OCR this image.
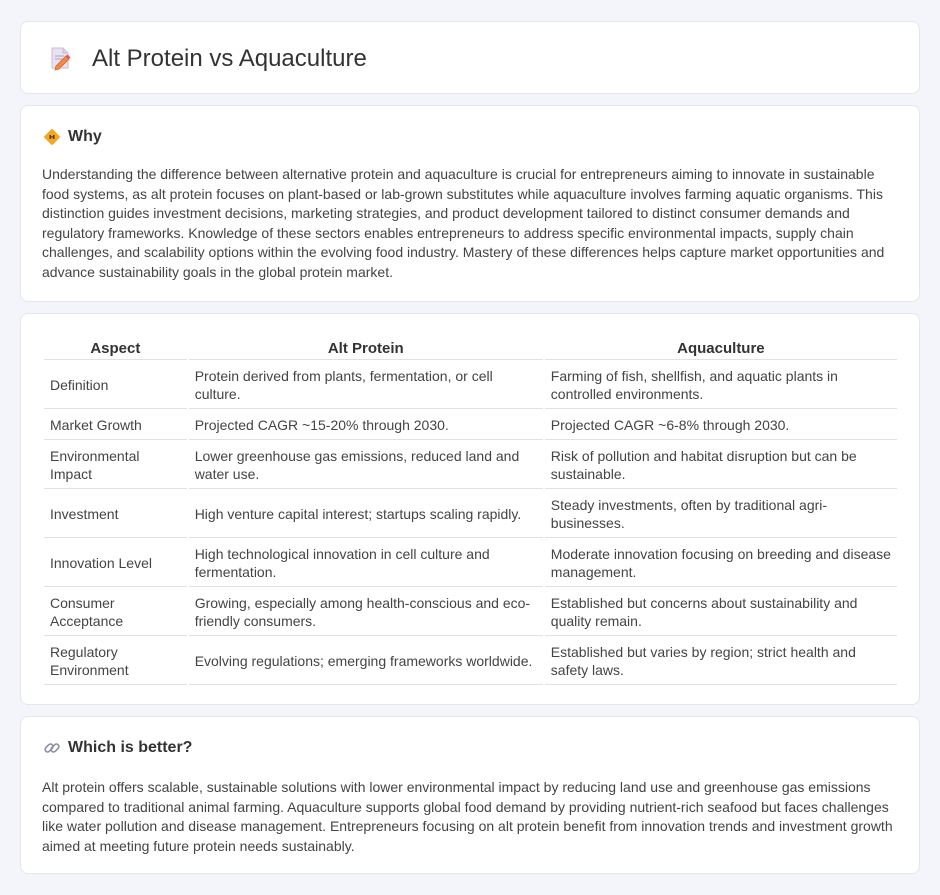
Alt Protein vs Aquaculture
Why

Understanding the difference between alternative protein and aquaculture is crucial for entrepreneurs aiming to innovate in sustainable food systems, as alt protein focuses on plant-based or lab-grown substitutes while aquaculture involves farming aquatic organisms. This distinction guides investment decisions, marketing strategies, and product development tailored to distinct consumer demands and regulatory frameworks. Knowledge of these sectors enables entrepreneurs to address specific environmental impacts, supply chain challenges, and scalability options within the evolving food industry. Mastery of these differences helps capture market opportunities and advance sustainability goals in the global protein market.

Aspect	Alt Protein	Aquaculture
Definition	Protein derived from plants, fermentation, or cell culture.	Farming of fish, shellfish, and aquatic plants in controlled environments.
Market Growth	Projected CAGR ~15-20% through 2030.	Projected CAGR ~6-8% through 2030.
Environmental Impact	Lower greenhouse gas emissions, reduced land and water use.	Risk of pollution and habitat disruption but can be sustainable.
Investment	High venture capital interest; startups scaling rapidly.	Steady investments, often by traditional agri-businesses.
Innovation Level	High technological innovation in cell culture and fermentation.	Moderate innovation focusing on breeding and disease management.
Consumer Acceptance	Growing, especially among health-conscious and eco-friendly consumers.	Established but concerns about sustainability and quality remain.
Regulatory Environment	Evolving regulations; emerging frameworks worldwide.	Established but varies by region; strict health and safety laws.
Which is better?

Alt protein offers scalable, sustainable solutions with lower environmental impact by reducing land use and greenhouse gas emissions compared to traditional animal farming. Aquaculture supports global food demand by providing nutrient-rich seafood but faces challenges like water pollution and disease management. Entrepreneurs focusing on alt protein benefit from innovation trends and investment growth aimed at meeting future protein needs sustainably.
